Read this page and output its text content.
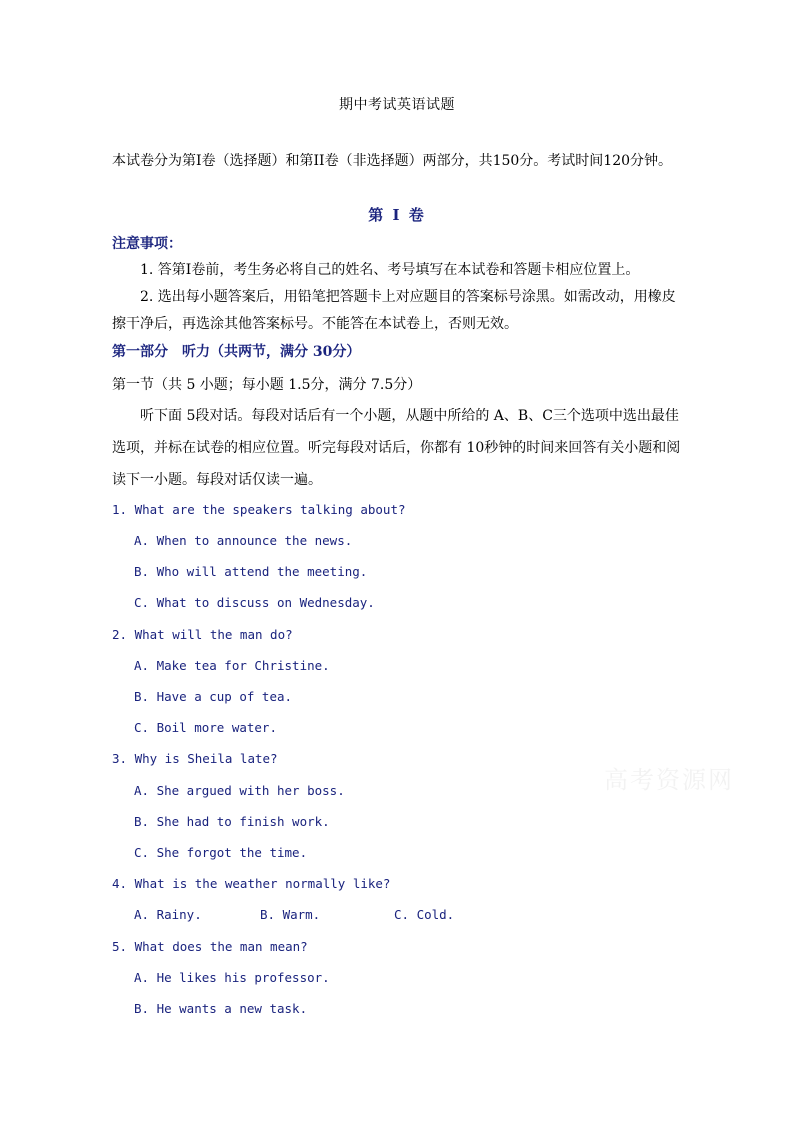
期中考试英语试题
本试卷分为第Ⅰ卷（选择题）和第II卷（非选择题）两部分，共150分。考试时间120分钟。
第 I 卷
注意事项：
1. 答第Ⅰ卷前，考生务必将自己的姓名、考号填写在本试卷和答题卡相应位置上。
2. 选出每小题答案后，用铅笔把答题卡上对应题目的答案标号涂黑。如需改动，用橡皮擦干净后，再选涂其他答案标号。不能答在本试卷上，否则无效。
第一部分　听力（共两节，满分 30分）
第一节（共 5 小题；每小题 1.5分，满分 7.5分）
听下面 5段对话。每段对话后有一个小题，从题中所给的 A、B、C三个选项中选出最佳选项，并标在试卷的相应位置。听完每段对话后，你都有 10秒钟的时间来回答有关小题和阅读下一小题。每段对话仅读一遍。
1. What are the speakers talking about?
A. When to announce the news.
B. Who will attend the meeting.
C. What to discuss on Wednesday.
2. What will the man do?
A. Make tea for Christine.
B. Have a cup of tea.
C. Boil more water.
3. Why is Sheila late?
A. She argued with her boss.
B. She had to finish work.
C. She forgot the time.
4. What is the weather normally like?
A. Rainy.	B. Warm.	C. Cold.
5. What does the man mean?
A. He likes his professor.
B. He wants a new task.
高考资源网
